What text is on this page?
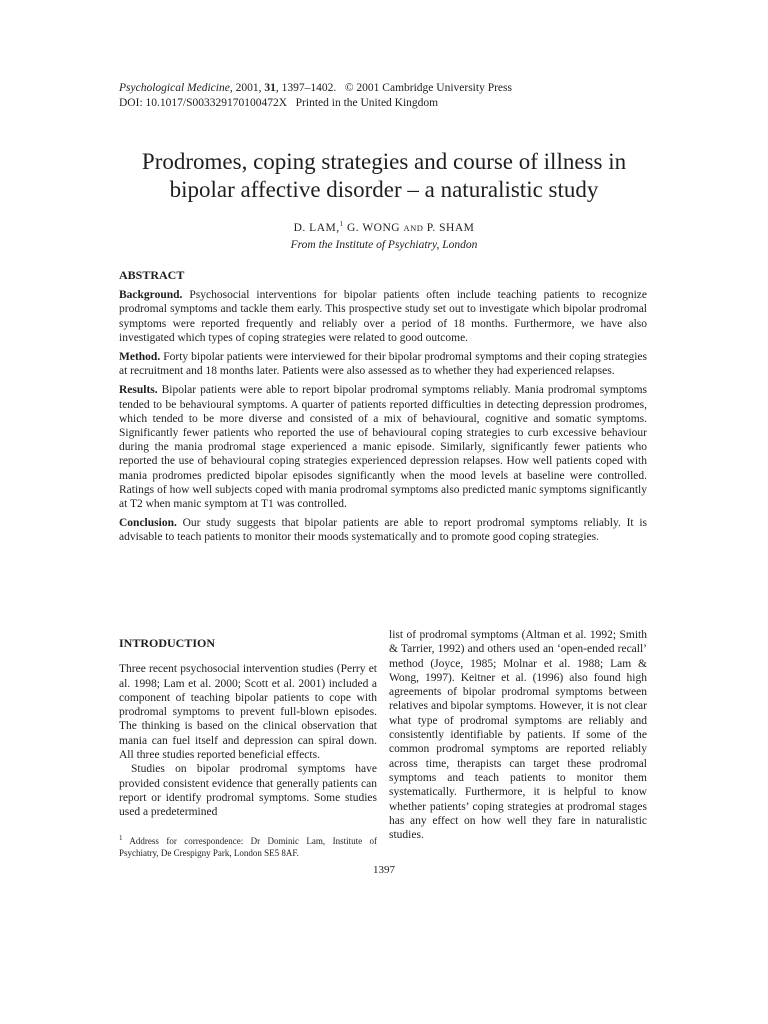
Psychological Medicine, 2001, 31, 1397–1402. © 2001 Cambridge University Press
DOI: 10.1017/S003329170100472X Printed in the United Kingdom
Prodromes, coping strategies and course of illness in
bipolar affective disorder – a naturalistic study
D. LAM,$^1$ G. WONG AND P. SHAM
From the Institute of Psychiatry, London
ABSTRACT

Background. Psychosocial interventions for bipolar patients often include teaching patients to recognize prodromal symptoms and tackle them early. This prospective study set out to investigate which bipolar prodromal symptoms were reported frequently and reliably over a period of 18 months. Furthermore, we have also investigated which types of coping strategies were related to good outcome.

Method. Forty bipolar patients were interviewed for their bipolar prodromal symptoms and their coping strategies at recruitment and 18 months later. Patients were also assessed as to whether they had experienced relapses.

Results. Bipolar patients were able to report bipolar prodromal symptoms reliably. Mania prodromal symptoms tended to be behavioural symptoms. A quarter of patients reported difficulties in detecting depression prodromes, which tended to be more diverse and consisted of a mix of behavioural, cognitive and somatic symptoms. Significantly fewer patients who reported the use of behavioural coping strategies to curb excessive behaviour during the mania prodromal stage experienced a manic episode. Similarly, significantly fewer patients who reported the use of behavioural coping strategies experienced depression relapses. How well patients coped with mania prodromes predicted bipolar episodes significantly when the mood levels at baseline were controlled. Ratings of how well subjects coped with mania prodromal symptoms also predicted manic symptoms significantly at T2 when manic symptom at T1 was controlled.

Conclusion. Our study suggests that bipolar patients are able to report prodromal symptoms reliably. It is advisable to teach patients to monitor their moods systematically and to promote good coping strategies.

INTRODUCTION

Three recent psychosocial intervention studies (Perry et al. 1998; Lam et al. 2000; Scott et al. 2001) included a component of teaching bipolar patients to cope with prodromal symptoms to prevent full-blown episodes. The thinking is based on the clinical observation that mania can fuel itself and depression can spiral down. All three studies reported beneficial effects.

Studies on bipolar prodromal symptoms have provided consistent evidence that generally patients can report or identify prodromal symptoms. Some studies used a predetermined

list of prodromal symptoms (Altman et al. 1992; Smith & Tarrier, 1992) and others used an ‘open-ended recall’ method (Joyce, 1985; Molnar et al. 1988; Lam & Wong, 1997). Keitner et al. (1996) also found high agreements of bipolar prodromal symptoms between relatives and bipolar symptoms. However, it is not clear what type of prodromal symptoms are reliably and consistently identifiable by patients. If some of the common prodromal symptoms are reported reliably across time, therapists can target these prodromal symptoms and teach patients to monitor them systematically. Furthermore, it is helpful to know whether patients’ coping strategies at prodromal stages has any effect on how well they fare in naturalistic studies.

$^1$ Address for correspondence: Dr Dominic Lam, Institute of Psychiatry, De Crespigny Park, London SE5 8AF.
1397
